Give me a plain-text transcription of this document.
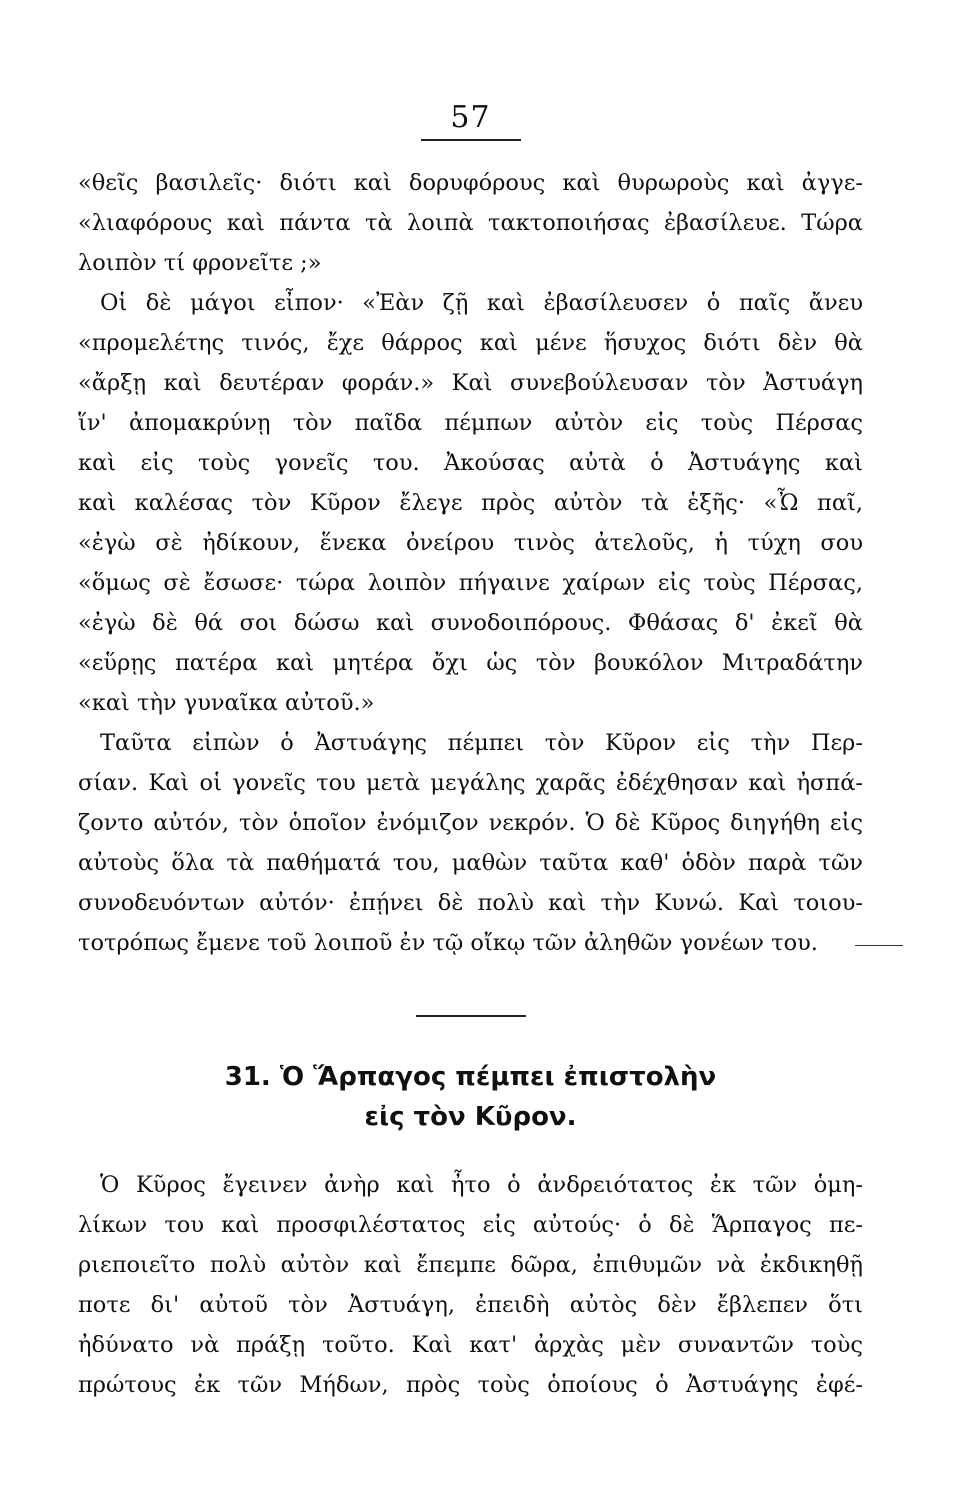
57
«θεῖς βασιλεῖς· διότι καὶ δορυφόρους καὶ θυρωροὺς καὶ ἀγγε-
«λιαφόρους καὶ πάντα τὰ λοιπὰ τακτοποιήσας ἐβασίλευε. Τώρα
λοιπὸν τί φρονεῖτε ;»
Οἱ δὲ μάγοι εἶπον· «Ἐὰν ζῇ καὶ ἐβασίλευσεν ὁ παῖς ἄνευ
«προμελέτης τινός, ἔχε θάρρος καὶ μένε ἥσυχος διότι δὲν θὰ
«ἄρξῃ καὶ δευτέραν φοράν.» Καὶ συνεβούλευσαν τὸν Ἀστυάγη
ἵν' ἀπομακρύνῃ τὸν παῖδα πέμπων αὐτὸν εἰς τοὺς Πέρσας
καὶ εἰς τοὺς γονεῖς του. Ἀκούσας αὐτὰ ὁ Ἀστυάγης καὶ
καὶ καλέσας τὸν Κῦρον ἔλεγε πρὸς αὐτὸν τὰ ἑξῆς· «Ὦ παῖ,
«ἐγὼ σὲ ἠδίκουν, ἕνεκα ὀνείρου τινὸς ἀτελοῦς, ἡ τύχη σου
«ὅμως σὲ ἔσωσε· τώρα λοιπὸν πήγαινε χαίρων εἰς τοὺς Πέρσας,
«ἐγὼ δὲ θά σοι δώσω καὶ συνοδοιπόρους. Φθάσας δ' ἐκεῖ θὰ
«εὕρῃς πατέρα καὶ μητέρα ὄχι ὡς τὸν βουκόλον Μιτραδάτην
«καὶ τὴν γυναῖκα αὐτοῦ.»
Ταῦτα εἰπὼν ὁ Ἀστυάγης πέμπει τὸν Κῦρον εἰς τὴν Περ-
σίαν. Καὶ οἱ γονεῖς του μετὰ μεγάλης χαρᾶς ἐδέχθησαν καὶ ἠσπά-
ζοντο αὐτόν, τὸν ὁποῖον ἐνόμιζον νεκρόν. Ὁ δὲ Κῦρος διηγήθη εἰς
αὐτοὺς ὅλα τὰ παθήματά του, μαθὼν ταῦτα καθ' ὁδὸν παρὰ τῶν
συνοδευόντων αὐτόν· ἐπῄνει δὲ πολὺ καὶ τὴν Κυνώ. Καὶ τοιου-
τοτρόπως ἔμενε τοῦ λοιποῦ ἐν τῷ οἴκῳ τῶν ἀληθῶν γονέων του.
31. Ὁ Ἅρπαγος πέμπει ἐπιστολὴν
εἰς τὸν Κῦρον.
Ὁ Κῦρος ἔγεινεν ἀνὴρ καὶ ἦτο ὁ ἀνδρειότατος ἐκ τῶν ὁμη-
λίκων του καὶ προσφιλέστατος εἰς αὐτούς· ὁ δὲ Ἅρπαγος πε-
ριεποιεῖτο πολὺ αὐτὸν καὶ ἔπεμπε δῶρα, ἐπιθυμῶν νὰ ἐκδικηθῇ
ποτε δι' αὐτοῦ τὸν Ἀστυάγη, ἐπειδὴ αὐτὸς δὲν ἔβλεπεν ὅτι
ἠδύνατο νὰ πράξῃ τοῦτο. Καὶ κατ' ἀρχὰς μὲν συναντῶν τοὺς
πρώτους ἐκ τῶν Μήδων, πρὸς τοὺς ὁποίους ὁ Ἀστυάγης ἐφέ-
